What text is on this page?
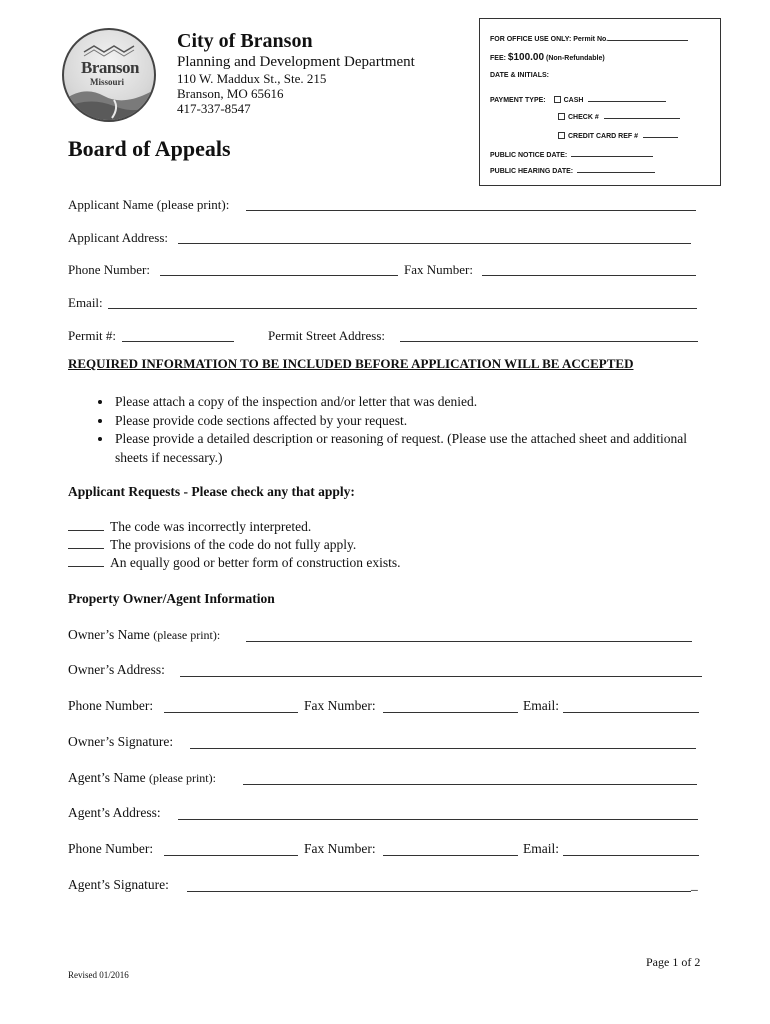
Branson
Missouri
City of Branson
Planning and Development Department
110 W. Maddux St., Ste. 215
Branson, MO 65616
417-337-8547
FOR OFFICE USE ONLY: Permit No.
FEE: $100.00 (Non-Refundable)
DATE & INITIALS:
PAYMENT TYPE:	CASH
CHECK #
CREDIT CARD REF #
PUBLIC NOTICE DATE:
PUBLIC HEARING DATE:
Board of Appeals
Applicant Name (please print):
Applicant Address:
Phone Number:	Fax Number:
Email:
Permit #:	Permit Street Address:
REQUIRED INFORMATION TO BE INCLUDED BEFORE APPLICATION WILL BE ACCEPTED
• Please attach a copy of the inspection and/or letter that was denied.
• Please provide code sections affected by your request.
• Please provide a detailed description or reasoning of request. (Please use the attached sheet and additional sheets if necessary.)
Applicant Requests - Please check any that apply:
The code was incorrectly interpreted.
The provisions of the code do not fully apply.
An equally good or better form of construction exists.
Property Owner/Agent Information
Owner’s Name (please print):
Owner’s Address:
Phone Number:	Fax Number:	Email:
Owner’s Signature:
Agent’s Name (please print):
Agent’s Address:
Phone Number:	Fax Number:	Email:
Agent’s Signature:	_
Revised 01/2016
Page 1 of 2
